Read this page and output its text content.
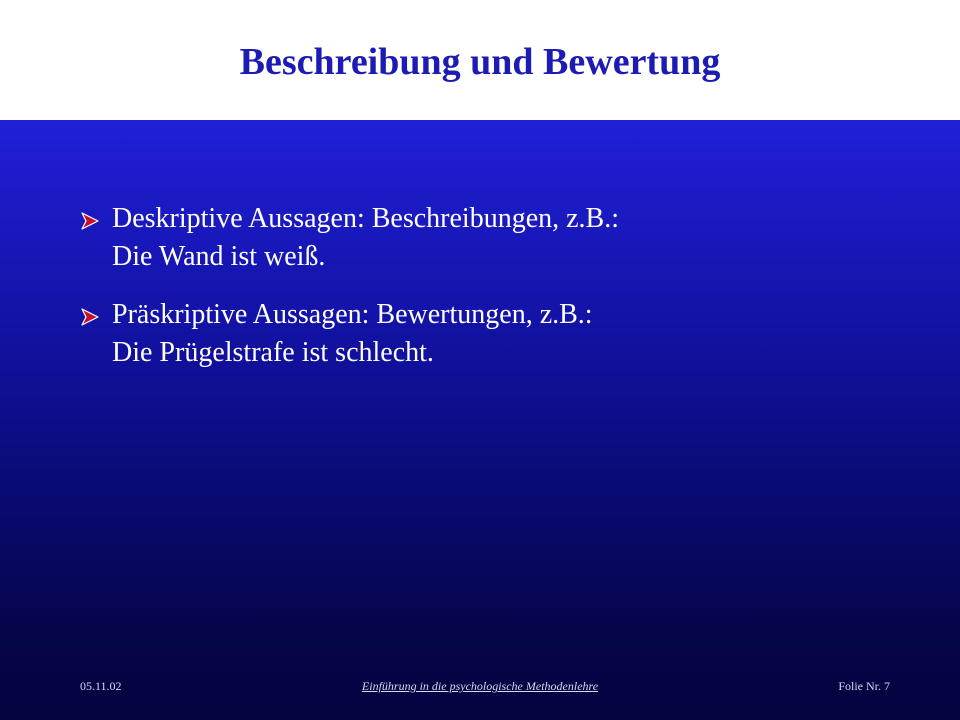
Beschreibung und Bewertung
Deskriptive Aussagen: Beschreibungen, z.B.:
Die Wand ist weiß.
Präskriptive Aussagen: Bewertungen, z.B.:
Die Prügelstrafe ist schlecht.
05.11.02	Einführung in die psychologische Methodenlehre	Folie Nr. 7
